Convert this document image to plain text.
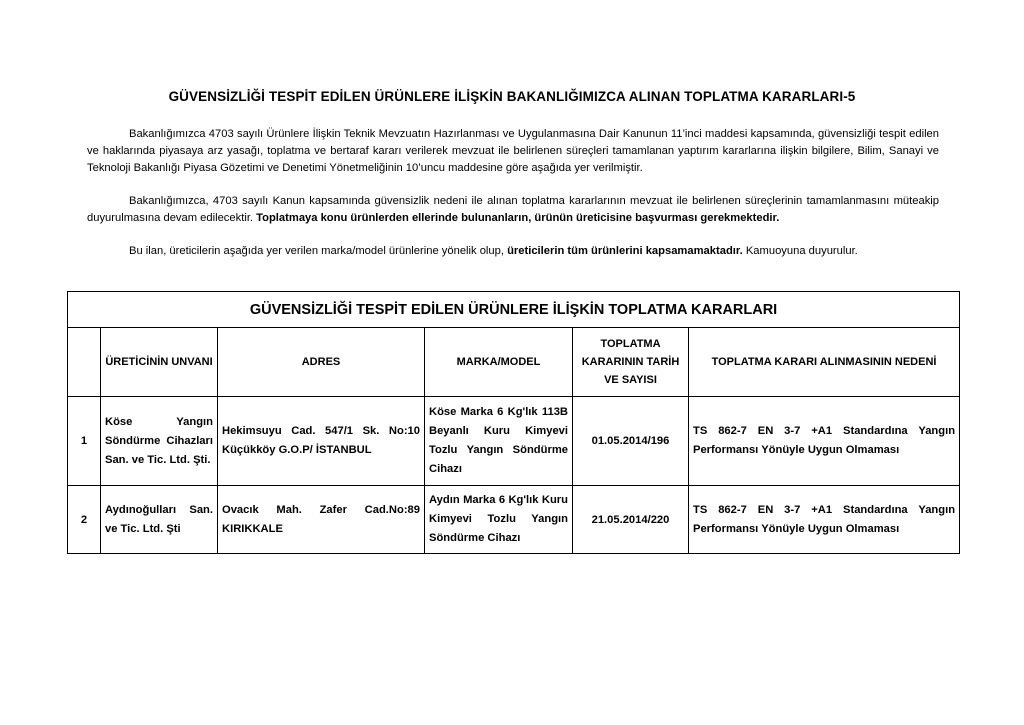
GÜVENSİZLİĞİ TESPİT EDİLEN ÜRÜNLERE İLİŞKİN BAKANLIĞIMIZCA ALINAN TOPLATMA KARARLARI-5
Bakanlığımızca 4703 sayılı Ürünlere İlişkin Teknik Mevzuatın Hazırlanması ve Uygulanmasına Dair Kanunun 11’inci maddesi kapsamında, güvensizliği tespit edilen ve haklarında piyasaya arz yasağı, toplatma ve bertaraf kararı verilerek mevzuat ile belirlenen süreçleri tamamlanan yaptırım kararlarına ilişkin bilgilere, Bilim, Sanayi ve Teknoloji Bakanlığı Piyasa Gözetimi ve Denetimi Yönetmeliğinin 10’uncu maddesine göre aşağıda yer verilmiştir.
Bakanlığımızca, 4703 sayılı Kanun kapsamında güvensizlik nedeni ile alınan toplatma kararlarının mevzuat ile belirlenen süreçlerinin tamamlanmasını müteakip duyurulmasına devam edilecektir. Toplatmaya konu ürünlerden ellerinde bulunanların, ürünün üreticisine başvurması gerekmektedir.
Bu ilan, üreticilerin aşağıda yer verilen marka/model ürünlerine yönelik olup, üreticilerin tüm ürünlerini kapsamamaktadır. Kamuoyuna duyurulur.
GÜVENSİZLİĞİ TESPİT EDİLEN ÜRÜNLERE İLİŞKİN TOPLATMA KARARLARI					
	ÜRETİCİNİN UNVANI	ADRES	MARKA/MODEL	TOPLATMA KARARININ TARİH VE SAYISI	TOPLATMA KARARI ALINMASININ NEDENİ
1	Köse Yangın Söndürme Cihazları San. ve Tic. Ltd. Şti.	Hekimsuyu Cad. 547/1 Sk. No:10 Küçükköy G.O.P/ İSTANBUL	Köse Marka 6 Kg'lık 113B Beyanlı Kuru Kimyevi Tozlu Yangın Söndürme Cihazı	01.05.2014/196	TS 862-7 EN 3-7 +A1 Standardına Yangın Performansı Yönüyle Uygun Olmaması
2	Aydınoğulları San. ve Tic. Ltd. Şti	Ovacık Mah. Zafer Cad.No:89 KIRIKKALE	Aydın Marka 6 Kg'lık Kuru Kimyevi Tozlu Yangın Söndürme Cihazı	21.05.2014/220	TS 862-7 EN 3-7 +A1 Standardına Yangın Performansı Yönüyle Uygun Olmaması
